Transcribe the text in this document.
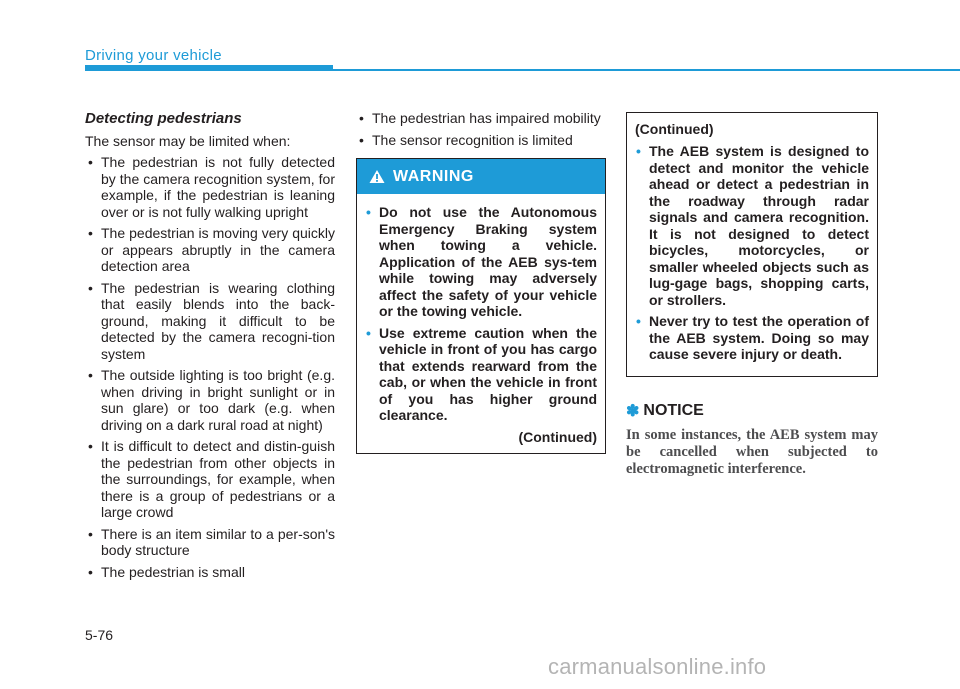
Driving your vehicle
Detecting pedestrians
The sensor may be limited when:
• The pedestrian is not fully detected by the camera recognition system, for example, if the pedestrian is leaning over or is not fully walking upright
• The pedestrian is moving very quickly or appears abruptly in the camera detection area
• The pedestrian is wearing clothing that easily blends into the back-ground, making it difficult to be detected by the camera recogni-tion system
• The outside lighting is too bright (e.g. when driving in bright sunlight or in sun glare) or too dark (e.g. when driving on a dark rural road at night)
• It is difficult to detect and distin-guish the pedestrian from other objects in the surroundings, for example, when there is a group of pedestrians or a large crowd
• There is an item similar to a per-son's body structure
• The pedestrian is small
• The pedestrian has impaired mobility
• The sensor recognition is limited
WARNING
• Do not use the Autonomous Emergency Braking system when towing a vehicle. Application of the AEB sys-tem while towing may adversely affect the safety of your vehicle or the towing vehicle.
• Use extreme caution when the vehicle in front of you has cargo that extends rearward from the cab, or when the vehicle in front of you has higher ground clearance.
(Continued)
(Continued)
• The AEB system is designed to detect and monitor the vehicle ahead or detect a pedestrian in the roadway through radar signals and camera recognition. It is not designed to detect bicycles, motorcycles, or smaller wheeled objects such as lug-gage bags, shopping carts, or strollers.
• Never try to test the operation of the AEB system. Doing so may cause severe injury or death.
✽ NOTICE
In some instances, the AEB system may be cancelled when subjected to electromagnetic interference.
5-76
carmanualsonline.info
